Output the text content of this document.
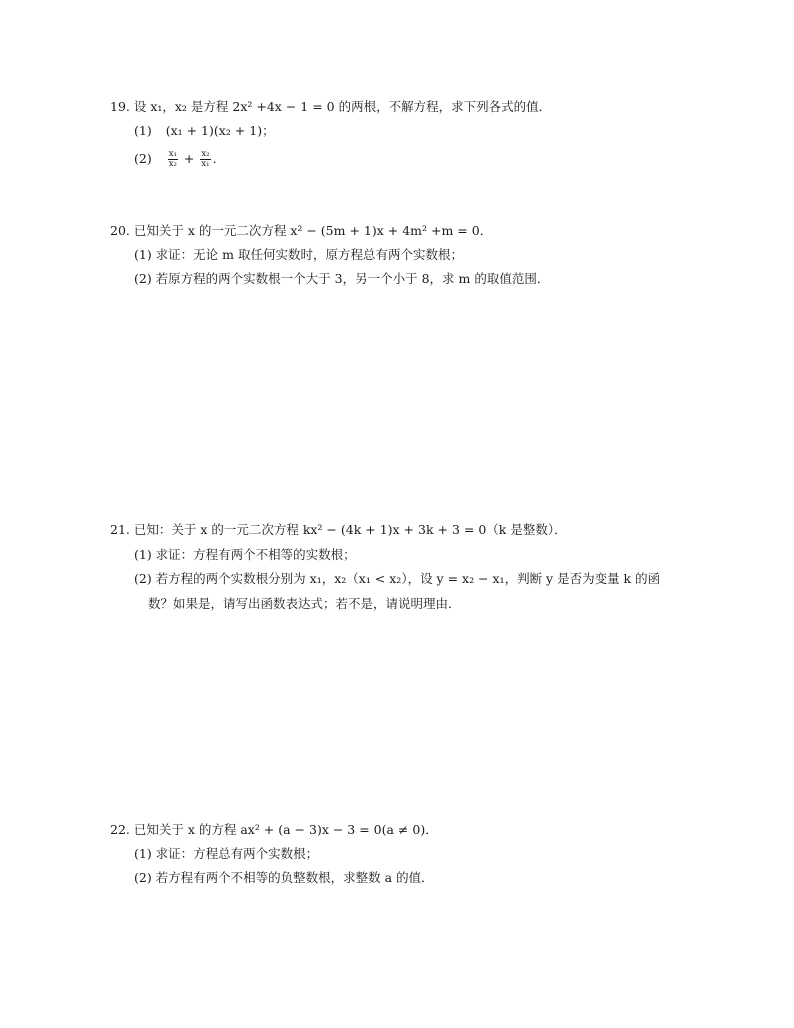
19. 设 x₁，x₂ 是方程 2x² +4x − 1 = 0 的两根，不解方程，求下列各式的值．
(1) (x₁ + 1)(x₂ + 1)；
$(2) \frac{\text{x₁}}{\text{x₂}} + \frac{\text{x₂}}{\text{x₁}}$ .
20. 已知关于 x 的一元二次方程 x² − (5m + 1)x + 4m² +m = 0．
(1) 求证：无论 m 取任何实数时，原方程总有两个实数根；
(2) 若原方程的两个实数根一个大于 3，另一个小于 8，求 m 的取值范围．
21. 已知：关于 x 的一元二次方程 kx² − (4k + 1)x + 3k + 3 = 0（k 是整数）．
(1) 求证：方程有两个不相等的实数根；
(2) 若方程的两个实数根分别为 x₁，x₂（x₁ < x₂），设 y = x₂ − x₁，判断 y 是否为变量 k 的函
数？如果是，请写出函数表达式；若不是，请说明理由．
22. 已知关于 x 的方程 ax² + (a − 3)x − 3 = 0(a ≠ 0)．
(1) 求证：方程总有两个实数根；
(2) 若方程有两个不相等的负整数根，求整数 a 的值．
